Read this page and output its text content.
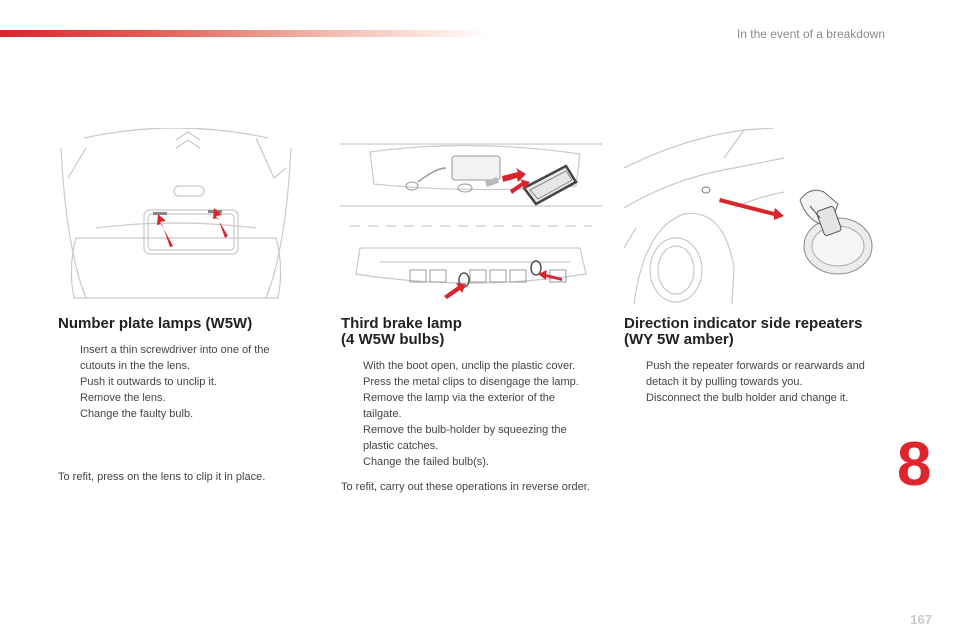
In the event of a breakdown
Number plate lamps (W5W)
Insert a thin screwdriver into one of the cutouts in the the lens.
Push it outwards to unclip it.
Remove the lens.
Change the faulty bulb.
To refit, press on the lens to clip it in place.
Third brake lamp
(4 W5W bulbs)
With the boot open, unclip the plastic cover.
Press the metal clips to disengage the lamp.
Remove the lamp via the exterior of the tailgate.
Remove the bulb-holder by squeezing the plastic catches.
Change the failed bulb(s).
To refit, carry out these operations in reverse order.
Direction indicator side repeaters
(WY 5W amber)
Push the repeater forwards or rearwards and detach it by pulling towards you.
Disconnect the bulb holder and change it.
8
167
